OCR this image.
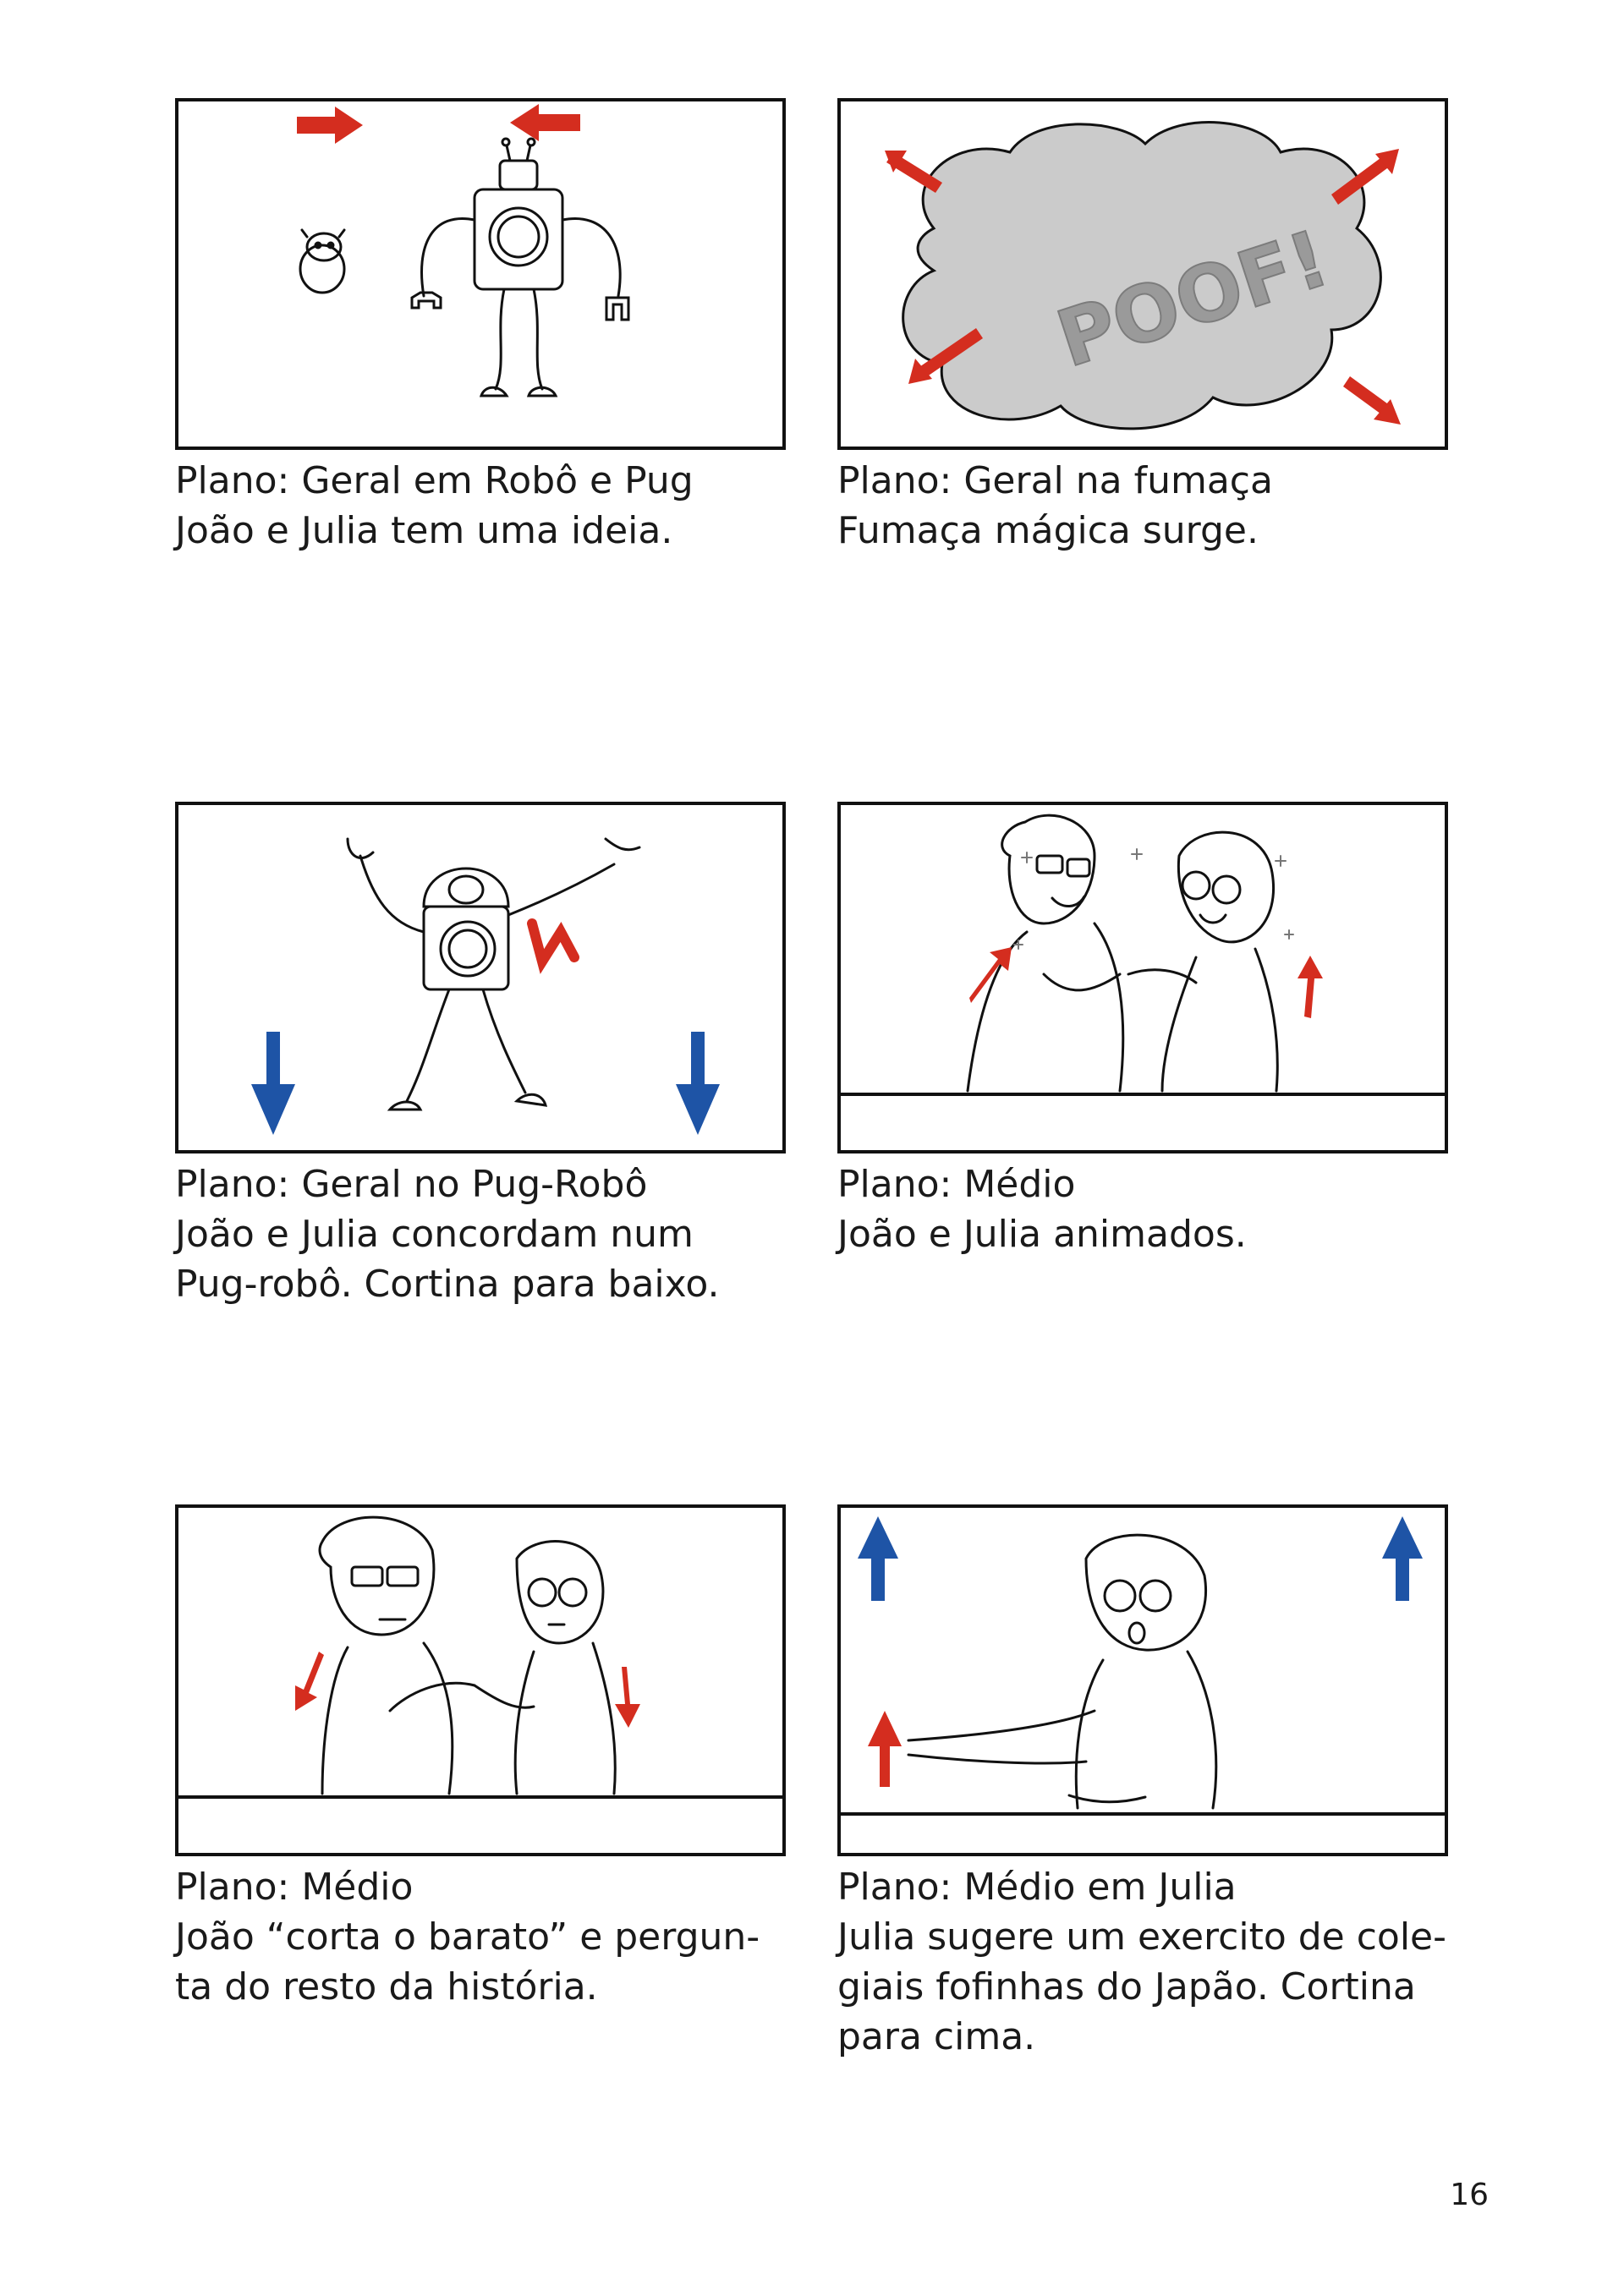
Plano: Geral em Robô e Pug
João e Julia tem uma ideia.
POOF!
Plano: Geral na fumaça
Fumaça mágica surge.
Plano: Geral no Pug-Robô
João e Julia concordam num
Pug-robô. Cortina para baixo.
Plano: Médio
João e Julia animados.
Plano: Médio
João “corta o barato” e pergun-
ta do resto da história.
Plano: Médio em Julia
Julia sugere um exercito de cole-
giais fofinhas do Japão. Cortina
para cima.
16
